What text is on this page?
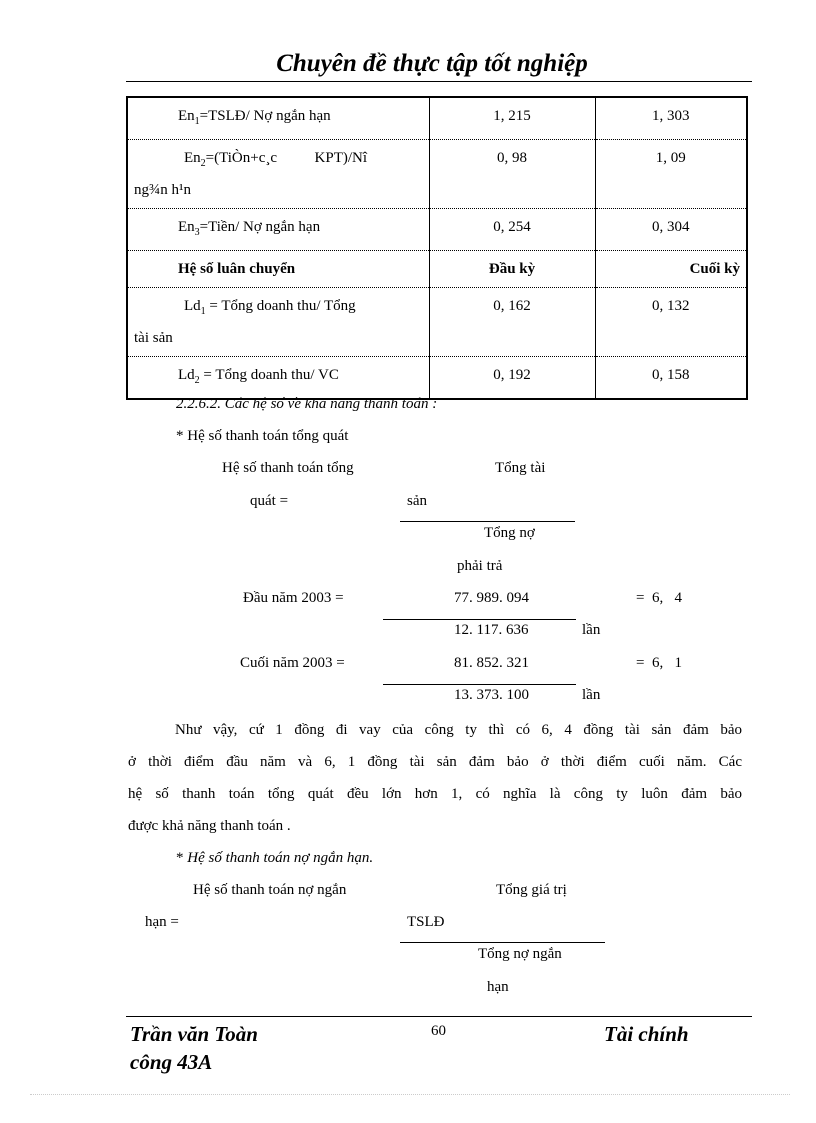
Chuyên đề thực tập tốt nghiệp
$En_1=TSLĐ/$ Nợ ngắn hạn	1, 215	1, 303

$En_2=(TiÒn+c¸c$          KPT)/Nî
ng¾n h¹n	0, 98	1, 09
$En_3=Tiền/$ Nợ ngắn hạn	0, 254	0, 304
Hệ số luân chuyển	Đầu kỳ	Cuối kỳ

$Ld_1$ = Tổng doanh thu/ Tổng
tài sản	0, 162	0, 132
$Ld_2$ = Tổng doanh thu/ VC	0, 192	0, 158
2.2.6.2. Các hệ số về khả năng thanh toán :
* Hệ số thanh toán tổng quát
Hệ số thanh toán tổng
quát =
Tổng tài
sản
Tổng nợ
phải trả
Đầu năm 2003 =	77. 989. 094	=  6,   4
12. 117. 636	lần
Cuối năm 2003 =	81. 852. 321	=  6,   1
13. 373. 100	lần
Như vậy, cứ 1 đồng đi vay của công ty thì có 6, 4 đồng tài sản đảm bảo
ở thời điểm đầu năm và 6, 1 đồng tài sản đảm bảo ở thời điểm cuối năm. Các
hệ số thanh toán tổng quát đều lớn hơn 1, có nghĩa là công ty luôn đảm bảo
được khả năng thanh toán .
* Hệ số thanh toán nợ ngắn hạn.
Hệ số thanh toán nợ ngắn
hạn =
Tổng giá trị
TSLĐ
Tổng nợ ngắn
hạn
Trần văn Toàn
công 43A
60	Tài chính
